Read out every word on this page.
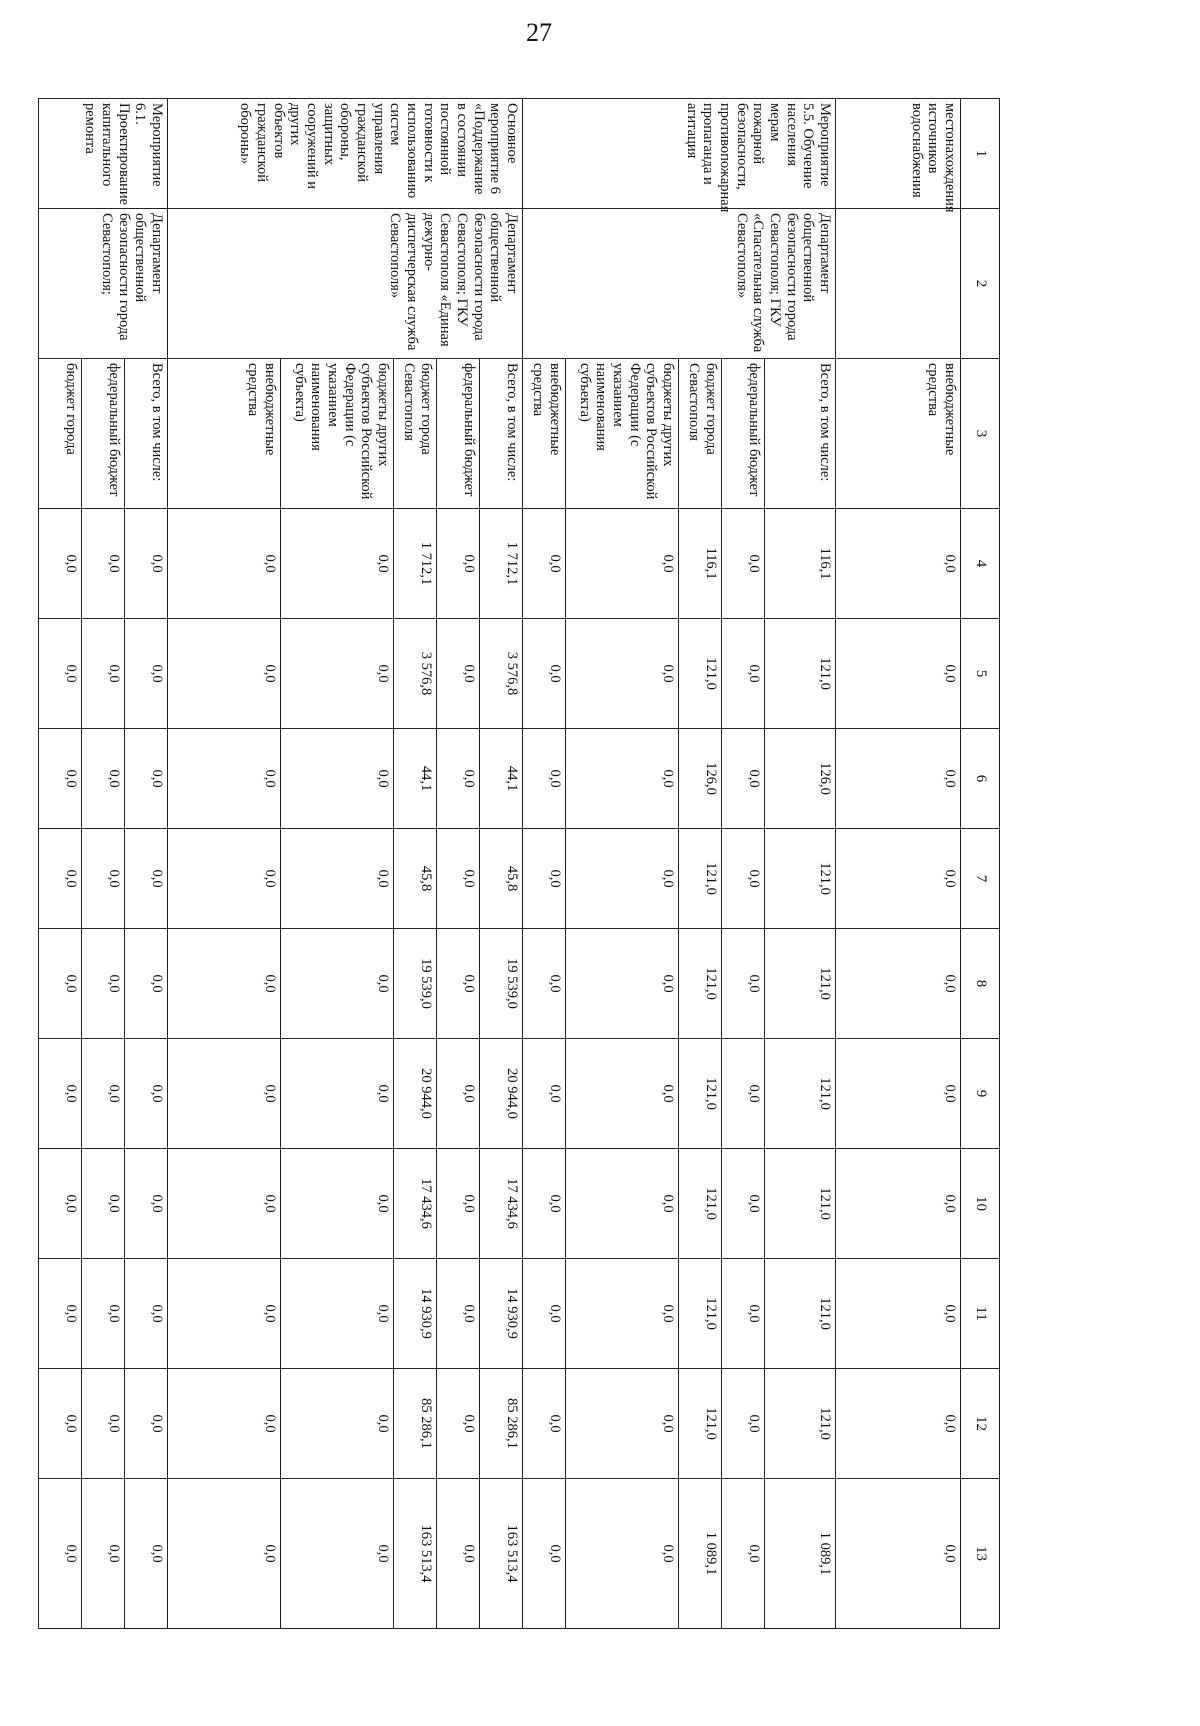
27
1	2	3	4	5	6	7	8	9	10	11	12	13
местонахождения источников водоснабжения		внебюджетные средства	0,0	0,0	0,0	0,0	0,0	0,0	0,0	0,0	0,0	0,0
Мероприятие 5.5. Обучение населения мерам пожарной безопасности, противопожарная пропаганда и агитация	Департамент общественной безопасности города Севастополя; ГКУ «Спасательная служба Севастополя»	Всего, в том числе:	116,1	121,0	126,0	121,0	121,0	121,0	121,0	121,0	121,0	1 089,1
		федеральный бюджет	0,0	0,0	0,0	0,0	0,0	0,0	0,0	0,0	0,0	0,0
		бюджет города Севастополя	116,1	121,0	126,0	121,0	121,0	121,0	121,0	121,0	121,0	1 089,1
		бюджеты других субъектов Российской Федерации (с указанием наименования субъекта)	0,0	0,0	0,0	0,0	0,0	0,0	0,0	0,0	0,0	0,0
		внебюджетные средства	0,0	0,0	0,0	0,0	0,0	0,0	0,0	0,0	0,0	0,0
Основное мероприятие 6 «Поддержание в состоянии постоянной готовности к использованию систем управления гражданской обороны, защитных сооружений и других объектов гражданской обороны»	Департамент общественной безопасности города Севастополя; ГКУ Севастополя «Единая дежурно-диспетчерская служба Севастополя»	Всего, в том числе:	1 712,1	3 576,8	44,1	45,8	19 539,0	20 944,0	17 434,6	14 930,9	85 286,1	163 513,4
		федеральный бюджет	0,0	0,0	0,0	0,0	0,0	0,0	0,0	0,0	0,0	0,0
		бюджет города Севастополя	1 712,1	3 576,8	44,1	45,8	19 539,0	20 944,0	17 434,6	14 930,9	85 286,1	163 513,4
		бюджеты других субъектов Российской Федерации (с указанием наименования субъекта)	0,0	0,0	0,0	0,0	0,0	0,0	0,0	0,0	0,0	0,0
		внебюджетные средства	0,0	0,0	0,0	0,0	0,0	0,0	0,0	0,0	0,0	0,0
Мероприятие 6.1. Проектирование капитального ремонта	Департамент общественной безопасности города Севастополя;	Всего, в том числе:	0,0	0,0	0,0	0,0	0,0	0,0	0,0	0,0	0,0	0,0
		федеральный бюджет	0,0	0,0	0,0	0,0	0,0	0,0	0,0	0,0	0,0	0,0
		бюджет города	0,0	0,0	0,0	0,0	0,0	0,0	0,0	0,0	0,0	0,0
